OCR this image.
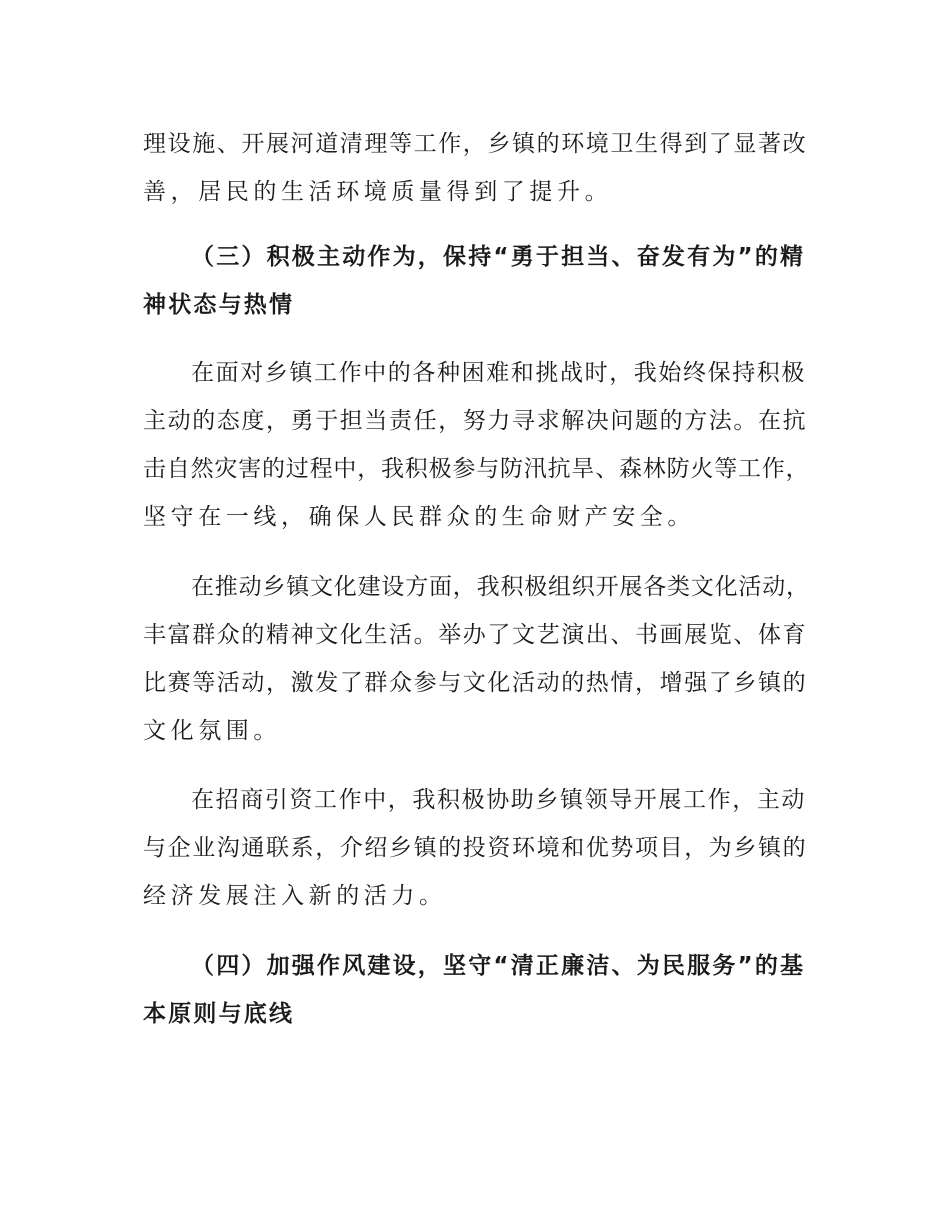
理设施、开展河道清理等工作，乡镇的环境卫生得到了显著改
善，居民的生活环境质量得到了提升。
（三）积极主动作为，保持“勇于担当、奋发有为”的精
神状态与热情
在面对乡镇工作中的各种困难和挑战时，我始终保持积极
主动的态度，勇于担当责任，努力寻求解决问题的方法。在抗
击自然灾害的过程中，我积极参与防汛抗旱、森林防火等工作，
坚守在一线，确保人民群众的生命财产安全。
在推动乡镇文化建设方面，我积极组织开展各类文化活动，
丰富群众的精神文化生活。举办了文艺演出、书画展览、体育
比赛等活动，激发了群众参与文化活动的热情，增强了乡镇的
文化氛围。
在招商引资工作中，我积极协助乡镇领导开展工作，主动
与企业沟通联系，介绍乡镇的投资环境和优势项目，为乡镇的
经济发展注入新的活力。
（四）加强作风建设，坚守“清正廉洁、为民服务”的基
本原则与底线
